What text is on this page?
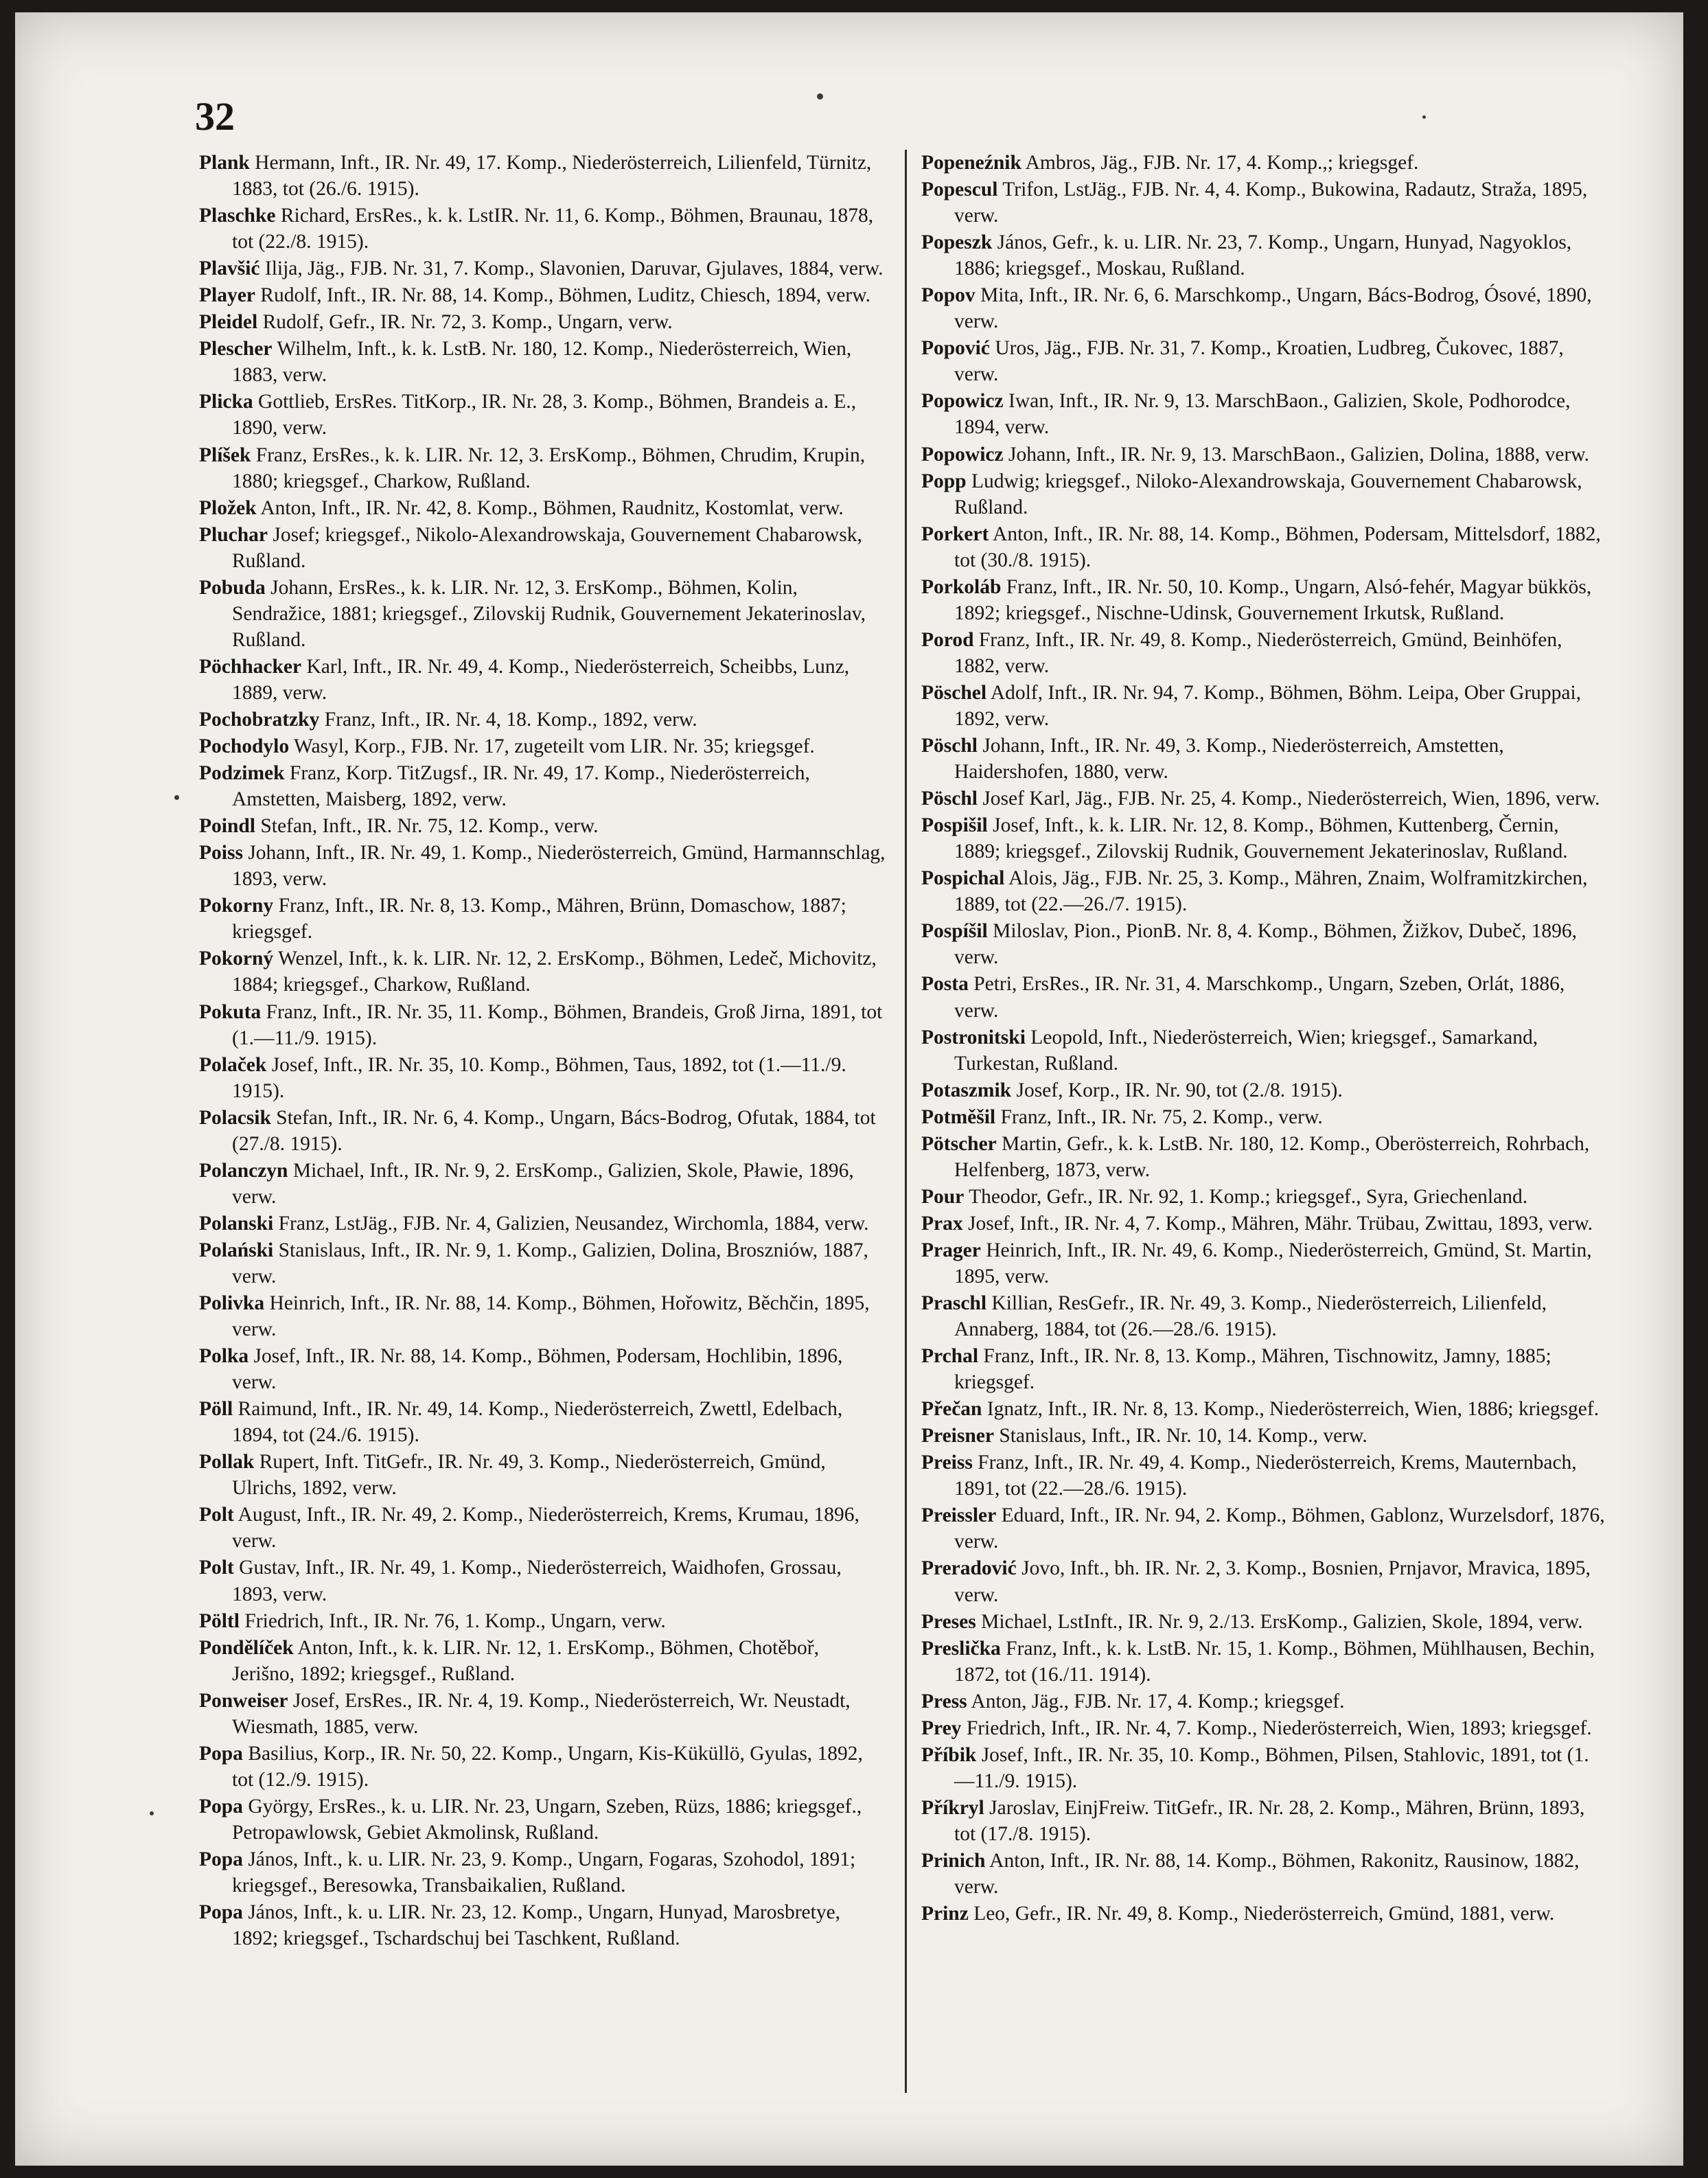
32

Plank Hermann, Inft., IR. Nr. 49, 17. Komp., Niederösterreich, Lilienfeld, Türnitz, 1883, tot (26./6. 1915).

Plaschke Richard, ErsRes., k. k. LstIR. Nr. 11, 6. Komp., Böhmen, Braunau, 1878, tot (22./8. 1915).

Plavšić Ilija, Jäg., FJB. Nr. 31, 7. Komp., Slavonien, Daruvar, Gjulaves, 1884, verw.

Player Rudolf, Inft., IR. Nr. 88, 14. Komp., Böhmen, Luditz, Chiesch, 1894, verw.

Pleidel Rudolf, Gefr., IR. Nr. 72, 3. Komp., Ungarn, verw.

Plescher Wilhelm, Inft., k. k. LstB. Nr. 180, 12. Komp., Niederösterreich, Wien, 1883, verw.

Plicka Gottlieb, ErsRes. TitKorp., IR. Nr. 28, 3. Komp., Böhmen, Brandeis a. E., 1890, verw.

Plíšek Franz, ErsRes., k. k. LIR. Nr. 12, 3. ErsKomp., Böhmen, Chrudim, Krupin, 1880; kriegsgef., Charkow, Rußland.

Pložek Anton, Inft., IR. Nr. 42, 8. Komp., Böhmen, Raudnitz, Kostomlat, verw.

Pluchar Josef; kriegsgef., Nikolo-Alexandrowskaja, Gouvernement Chabarowsk, Rußland.

Pobuda Johann, ErsRes., k. k. LIR. Nr. 12, 3. ErsKomp., Böhmen, Kolin, Sendražice, 1881; kriegsgef., Zilovskij Rudnik, Gouvernement Jekaterinoslav, Rußland.

Pöchhacker Karl, Inft., IR. Nr. 49, 4. Komp., Niederösterreich, Scheibbs, Lunz, 1889, verw.

Pochobratzky Franz, Inft., IR. Nr. 4, 18. Komp., 1892, verw.

Pochodylo Wasyl, Korp., FJB. Nr. 17, zugeteilt vom LIR. Nr. 35; kriegsgef.

Podzimek Franz, Korp. TitZugsf., IR. Nr. 49, 17. Komp., Niederösterreich, Amstetten, Maisberg, 1892, verw.

Poindl Stefan, Inft., IR. Nr. 75, 12. Komp., verw.

Poiss Johann, Inft., IR. Nr. 49, 1. Komp., Niederösterreich, Gmünd, Harmannschlag, 1893, verw.

Pokorny Franz, Inft., IR. Nr. 8, 13. Komp., Mähren, Brünn, Domaschow, 1887; kriegsgef.

Pokorný Wenzel, Inft., k. k. LIR. Nr. 12, 2. ErsKomp., Böhmen, Ledeč, Michovitz, 1884; kriegsgef., Charkow, Rußland.

Pokuta Franz, Inft., IR. Nr. 35, 11. Komp., Böhmen, Brandeis, Groß Jirna, 1891, tot (1.—11./9. 1915).

Polaček Josef, Inft., IR. Nr. 35, 10. Komp., Böhmen, Taus, 1892, tot (1.—11./9. 1915).

Polacsik Stefan, Inft., IR. Nr. 6, 4. Komp., Ungarn, Bács-Bodrog, Ofutak, 1884, tot (27./8. 1915).

Polanczyn Michael, Inft., IR. Nr. 9, 2. ErsKomp., Galizien, Skole, Pławie, 1896, verw.

Polanski Franz, LstJäg., FJB. Nr. 4, Galizien, Neusandez, Wirchomla, 1884, verw.

Polański Stanislaus, Inft., IR. Nr. 9, 1. Komp., Galizien, Dolina, Broszniów, 1887, verw.

Polivka Heinrich, Inft., IR. Nr. 88, 14. Komp., Böhmen, Hořowitz, Běchčin, 1895, verw.

Polka Josef, Inft., IR. Nr. 88, 14. Komp., Böhmen, Podersam, Hochlibin, 1896, verw.

Pöll Raimund, Inft., IR. Nr. 49, 14. Komp., Niederösterreich, Zwettl, Edelbach, 1894, tot (24./6. 1915).

Pollak Rupert, Inft. TitGefr., IR. Nr. 49, 3. Komp., Niederösterreich, Gmünd, Ulrichs, 1892, verw.

Polt August, Inft., IR. Nr. 49, 2. Komp., Niederösterreich, Krems, Krumau, 1896, verw.

Polt Gustav, Inft., IR. Nr. 49, 1. Komp., Niederösterreich, Waidhofen, Grossau, 1893, verw.

Pöltl Friedrich, Inft., IR. Nr. 76, 1. Komp., Ungarn, verw.

Pondělíček Anton, Inft., k. k. LIR. Nr. 12, 1. ErsKomp., Böhmen, Chotěboř, Jerišno, 1892; kriegsgef., Rußland.

Ponweiser Josef, ErsRes., IR. Nr. 4, 19. Komp., Niederösterreich, Wr. Neustadt, Wiesmath, 1885, verw.

Popa Basilius, Korp., IR. Nr. 50, 22. Komp., Ungarn, Kis-Küküllö, Gyulas, 1892, tot (12./9. 1915).

Popa György, ErsRes., k. u. LIR. Nr. 23, Ungarn, Szeben, Rüzs, 1886; kriegsgef., Petropawlowsk, Gebiet Akmolinsk, Rußland.

Popa János, Inft., k. u. LIR. Nr. 23, 9. Komp., Ungarn, Fogaras, Szohodol, 1891; kriegsgef., Beresowka, Transbaikalien, Rußland.

Popa János, Inft., k. u. LIR. Nr. 23, 12. Komp., Ungarn, Hunyad, Marosbretye, 1892; kriegsgef., Tschardschuj bei Taschkent, Rußland.

Popeneźnik Ambros, Jäg., FJB. Nr. 17, 4. Komp.,; kriegsgef.

Popescul Trifon, LstJäg., FJB. Nr. 4, 4. Komp., Bukowina, Radautz, Straža, 1895, verw.

Popeszk János, Gefr., k. u. LIR. Nr. 23, 7. Komp., Ungarn, Hunyad, Nagyoklos, 1886; kriegsgef., Moskau, Rußland.

Popov Mita, Inft., IR. Nr. 6, 6. Marschkomp., Ungarn, Bács-Bodrog, Ósové, 1890, verw.

Popović Uros, Jäg., FJB. Nr. 31, 7. Komp., Kroatien, Ludbreg, Čukovec, 1887, verw.

Popowicz Iwan, Inft., IR. Nr. 9, 13. MarschBaon., Galizien, Skole, Podhorodce, 1894, verw.

Popowicz Johann, Inft., IR. Nr. 9, 13. MarschBaon., Galizien, Dolina, 1888, verw.

Popp Ludwig; kriegsgef., Niloko-Alexandrowskaja, Gouvernement Chabarowsk, Rußland.

Porkert Anton, Inft., IR. Nr. 88, 14. Komp., Böhmen, Podersam, Mittelsdorf, 1882, tot (30./8. 1915).

Porkoláb Franz, Inft., IR. Nr. 50, 10. Komp., Ungarn, Alsó-fehér, Magyar bükkös, 1892; kriegsgef., Nischne-Udinsk, Gouvernement Irkutsk, Rußland.

Porod Franz, Inft., IR. Nr. 49, 8. Komp., Niederösterreich, Gmünd, Beinhöfen, 1882, verw.

Pöschel Adolf, Inft., IR. Nr. 94, 7. Komp., Böhmen, Böhm. Leipa, Ober Gruppai, 1892, verw.

Pöschl Johann, Inft., IR. Nr. 49, 3. Komp., Niederösterreich, Amstetten, Haidershofen, 1880, verw.

Pöschl Josef Karl, Jäg., FJB. Nr. 25, 4. Komp., Niederösterreich, Wien, 1896, verw.

Pospišil Josef, Inft., k. k. LIR. Nr. 12, 8. Komp., Böhmen, Kuttenberg, Černin, 1889; kriegsgef., Zilovskij Rudnik, Gouvernement Jekaterinoslav, Rußland.

Pospichal Alois, Jäg., FJB. Nr. 25, 3. Komp., Mähren, Znaim, Wolframitzkirchen, 1889, tot (22.—26./7. 1915).

Pospíšil Miloslav, Pion., PionB. Nr. 8, 4. Komp., Böhmen, Žižkov, Dubeč, 1896, verw.

Posta Petri, ErsRes., IR. Nr. 31, 4. Marschkomp., Ungarn, Szeben, Orlát, 1886, verw.

Postronitski Leopold, Inft., Niederösterreich, Wien; kriegsgef., Samarkand, Turkestan, Rußland.

Potaszmik Josef, Korp., IR. Nr. 90, tot (2./8. 1915).

Potměšil Franz, Inft., IR. Nr. 75, 2. Komp., verw.

Pötscher Martin, Gefr., k. k. LstB. Nr. 180, 12. Komp., Oberösterreich, Rohrbach, Helfenberg, 1873, verw.

Pour Theodor, Gefr., IR. Nr. 92, 1. Komp.; kriegsgef., Syra, Griechenland.

Prax Josef, Inft., IR. Nr. 4, 7. Komp., Mähren, Mähr. Trübau, Zwittau, 1893, verw.

Prager Heinrich, Inft., IR. Nr. 49, 6. Komp., Niederösterreich, Gmünd, St. Martin, 1895, verw.

Praschl Killian, ResGefr., IR. Nr. 49, 3. Komp., Niederösterreich, Lilienfeld, Annaberg, 1884, tot (26.—28./6. 1915).

Prchal Franz, Inft., IR. Nr. 8, 13. Komp., Mähren, Tischnowitz, Jamny, 1885; kriegsgef.

Přečan Ignatz, Inft., IR. Nr. 8, 13. Komp., Niederösterreich, Wien, 1886; kriegsgef.

Preisner Stanislaus, Inft., IR. Nr. 10, 14. Komp., verw.

Preiss Franz, Inft., IR. Nr. 49, 4. Komp., Niederösterreich, Krems, Mauternbach, 1891, tot (22.—28./6. 1915).

Preissler Eduard, Inft., IR. Nr. 94, 2. Komp., Böhmen, Gablonz, Wurzelsdorf, 1876, verw.

Preradović Jovo, Inft., bh. IR. Nr. 2, 3. Komp., Bosnien, Prnjavor, Mravica, 1895, verw.

Preses Michael, LstInft., IR. Nr. 9, 2./13. ErsKomp., Galizien, Skole, 1894, verw.

Preslička Franz, Inft., k. k. LstB. Nr. 15, 1. Komp., Böhmen, Mühlhausen, Bechin, 1872, tot (16./11. 1914).

Press Anton, Jäg., FJB. Nr. 17, 4. Komp.; kriegsgef.

Prey Friedrich, Inft., IR. Nr. 4, 7. Komp., Niederösterreich, Wien, 1893; kriegsgef.

Příbik Josef, Inft., IR. Nr. 35, 10. Komp., Böhmen, Pilsen, Stahlovic, 1891, tot (1.—11./9. 1915).

Příkryl Jaroslav, EinjFreiw. TitGefr., IR. Nr. 28, 2. Komp., Mähren, Brünn, 1893, tot (17./8. 1915).

Prinich Anton, Inft., IR. Nr. 88, 14. Komp., Böhmen, Rakonitz, Rausinow, 1882, verw.

Prinz Leo, Gefr., IR. Nr. 49, 8. Komp., Niederösterreich, Gmünd, 1881, verw.
